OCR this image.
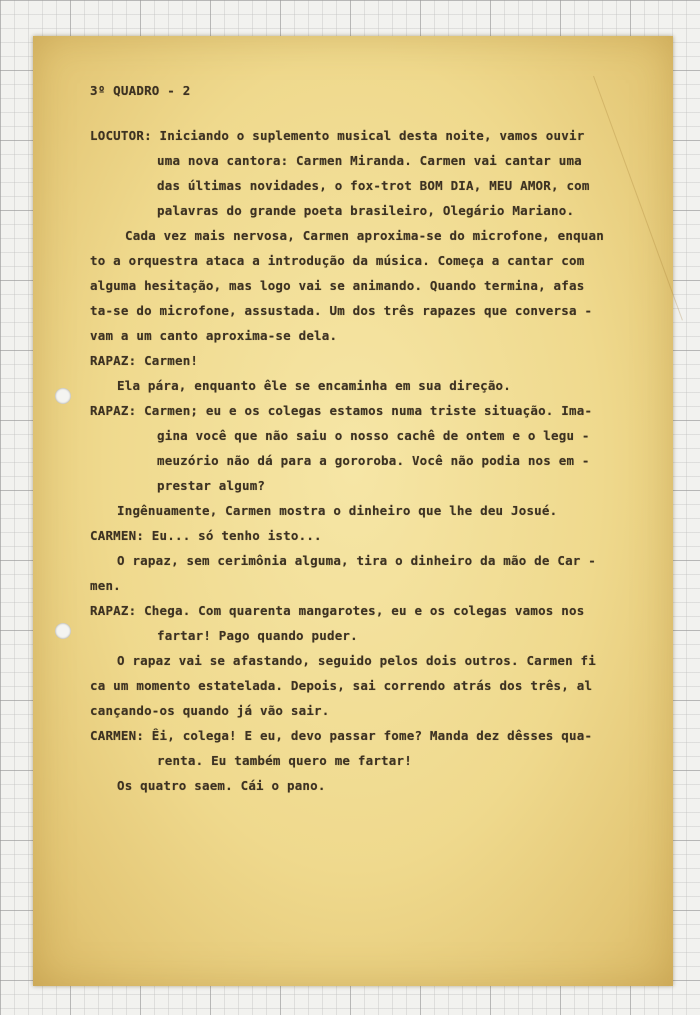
3º QUADRO - 2
LOCUTOR: Iniciando o suplemento musical desta noite, vamos ouvir
uma nova cantora: Carmen Miranda. Carmen vai cantar uma
das últimas novidades, o fox-trot BOM DIA, MEU AMOR, com
palavras do grande poeta brasileiro, Olegário Mariano.
Cada vez mais nervosa, Carmen aproxima-se do microfone, enquan
to a orquestra ataca a introdução da música. Começa a cantar com
alguma hesitação, mas logo vai se animando. Quando termina, afas
ta-se do microfone, assustada. Um dos três rapazes que conversa -
vam a um canto aproxima-se dela.
RAPAZ: Carmen!
Ela pára, enquanto êle se encaminha em sua direção.
RAPAZ: Carmen; eu e os colegas estamos numa triste situação. Ima-
gina você que não saiu o nosso cachê de ontem e o legu -
meuzório não dá para a gororoba. Você não podia nos em -
prestar algum?
Ingênuamente, Carmen mostra o dinheiro que lhe deu Josué.
CARMEN: Eu... só tenho isto...
O rapaz, sem cerimônia alguma, tira o dinheiro da mão de Car -
men.
RAPAZ: Chega. Com quarenta mangarotes, eu e os colegas vamos nos
fartar! Pago quando puder.
O rapaz vai se afastando, seguido pelos dois outros. Carmen fi
ca um momento estatelada. Depois, sai correndo atrás dos três, al
cançando-os quando já vão sair.
CARMEN: Êi, colega! E eu, devo passar fome? Manda dez dêsses qua-
renta. Eu também quero me fartar!
Os quatro saem. Cái o pano.
